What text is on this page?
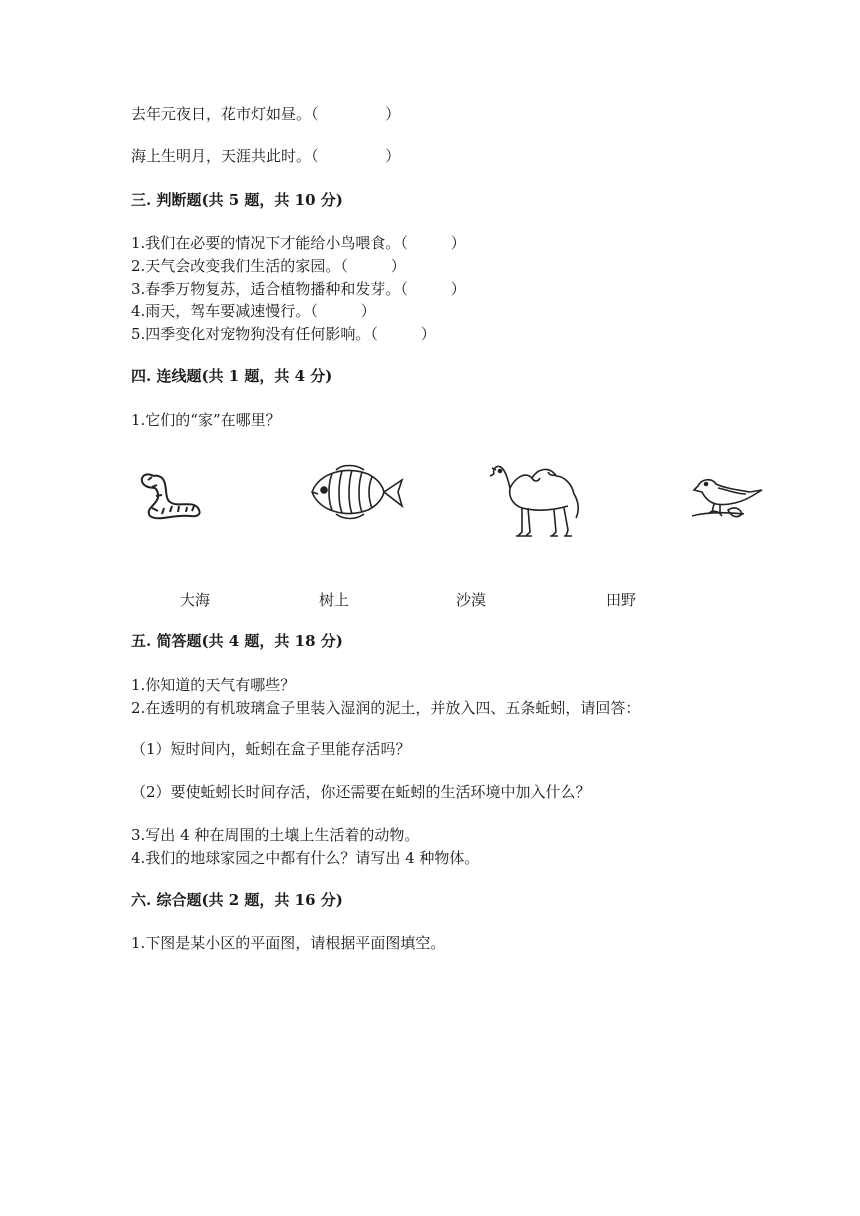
去年元夜日，花市灯如昼。（              ）
海上生明月，天涯共此时。（              ）
三. 判断题(共 5 题，共 10 分)
1.我们在必要的情况下才能给小鸟喂食。（         ）
2.天气会改变我们生活的家园。（         ）
3.春季万物复苏，适合植物播种和发芽。（         ）
4.雨天，驾车要减速慢行。（         ）
5.四季变化对宠物狗没有任何影响。（         ）
四. 连线题(共 1 题，共 4 分)
1.它们的“家”在哪里？
大海	树上	沙漠	田野
五. 简答题(共 4 题，共 18 分)
1.你知道的天气有哪些？
2.在透明的有机玻璃盒子里装入湿润的泥土，并放入四、五条蚯蚓，请回答：
（1）短时间内，蚯蚓在盒子里能存活吗？
（2）要使蚯蚓长时间存活，你还需要在蚯蚓的生活环境中加入什么？
3.写出 4 种在周围的土壤上生活着的动物。
4.我们的地球家园之中都有什么？请写出 4 种物体。
六. 综合题(共 2 题，共 16 分)
1.下图是某小区的平面图，请根据平面图填空。
